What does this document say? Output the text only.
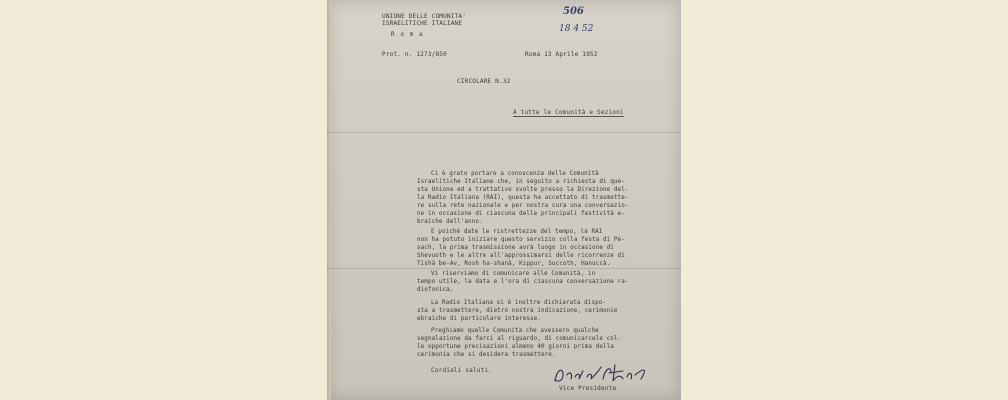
UNIONE DELLE COMUNITA'
ISRAELITICHE ITALIANE
R o m a
506
18 4 52
Prot. n. 1273/850	Roma 13 Aprile 1952
CIRCOLARE N.32
A tutte le Comunità e Sezioni
Ci è grato portare a conoscenza delle Comunità
Israelitiche Italiane che, in seguito a richiesta di que-
sta Unione ed a trattative svolte presso la Direzione del-
la Radio Italiana (RAI), questa ha accettato di trasmette-
re sulla rete nazionale e per nostra cura una conversazio-
ne in occasione di ciascuna delle principali festività e-
braiche dell'anno.
E poichè date le ristrettezze del tempo, la RAI
non ha potuto iniziare questo servizio colla festa di Pe-
sach, la prima trasmissione avrà luogo in occasione di
Shevuoth e le altre all'approssimarsi delle ricorrenze di
Tishà be-Av, Rosh ha-shanà, Kippur, Succoth, Hanuccà.
Vi riserviamo di comunicare alle Comunità, in
tempo utile, la data e l'ora di ciascuna conversazione ra-
diofonica.
La Radio Italiana si è inoltre dichiarata dispo-
sta a trasmettere, dietro nostra indicazione, cerimonie
ebraiche di particolare interesse.
Preghiamo quelle Comunità che avessero qualche
segnalazione da farci al riguardo, di comunicarcele col-
le opportune precisazioni almeno 40 giorni prima della
cerimonia che si desidera trasmettere.
Cordiali saluti.
Vice Presidente
